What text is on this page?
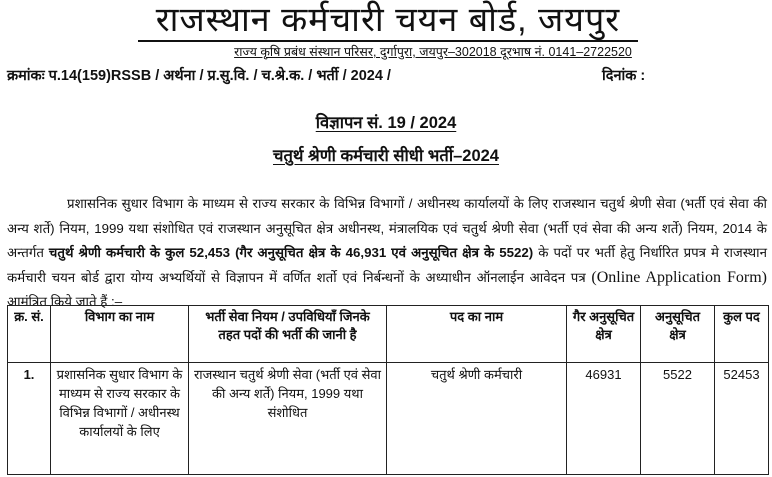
राजस्थान कर्मचारी चयन बोर्ड, जयपुर
राज्य कृषि प्रबंध संस्थान परिसर, दुर्गापुरा, जयपुर–302018 दूरभाष नं. 0141–2722520
क्रमांकः प.14(159)RSSB / अर्थना / प्र.सु.वि. / च.श्रे.क. / भर्ती / 2024 /	दिनांक :
विज्ञापन सं. 19 / 2024
चतुर्थ श्रेणी कर्मचारी सीधी भर्ती–2024

प्रशासनिक सुधार विभाग के माध्यम से राज्य सरकार के विभिन्न विभागों / अधीनस्थ कार्यालयों के लिए राजस्थान चतुर्थ श्रेणी सेवा (भर्ती एवं सेवा की अन्य शर्ते) नियम, 1999 यथा संशोधित एवं राजस्थान अनुसूचित क्षेत्र अधीनस्थ, मंत्रालयिक एवं चतुर्थ श्रेणी सेवा (भर्ती एवं सेवा की अन्य शर्ते) नियम, 2014 के अन्तर्गत चतुर्थ श्रेणी कर्मचारी के कुल 52,453 (गैर अनुसूचित क्षेत्र के 46,931 एवं अनुसूचित क्षेत्र के 5522) के पदों पर भर्ती हेतु निर्धारित प्रपत्र मे राजस्थान कर्मचारी चयन बोर्ड द्वारा योग्य अभ्यर्थियों से विज्ञापन में वर्णित शर्तो एवं निर्बन्धनों के अध्याधीन ऑनलाईन आवेदन पत्र (Online Application Form) आमंत्रित किये जाते हैं :–

क्र. सं.	विभाग का नाम	भर्ती सेवा नियम / उपविधियॉं जिनके तहत पदों की भर्ती की जानी है	पद का नाम	गैर अनुसूचित क्षेत्र	अनुसूचित क्षेत्र	कुल पद
1.	प्रशासनिक सुधार विभाग के माध्यम से राज्य सरकार के विभिन्न विभागों / अधीनस्थ कार्यालयों के लिए	राजस्थान चतुर्थ श्रेणी सेवा (भर्ती एवं सेवा की अन्य शर्ते) नियम, 1999 यथा संशोधित	चतुर्थ श्रेणी कर्मचारी	46931	5522	52453
